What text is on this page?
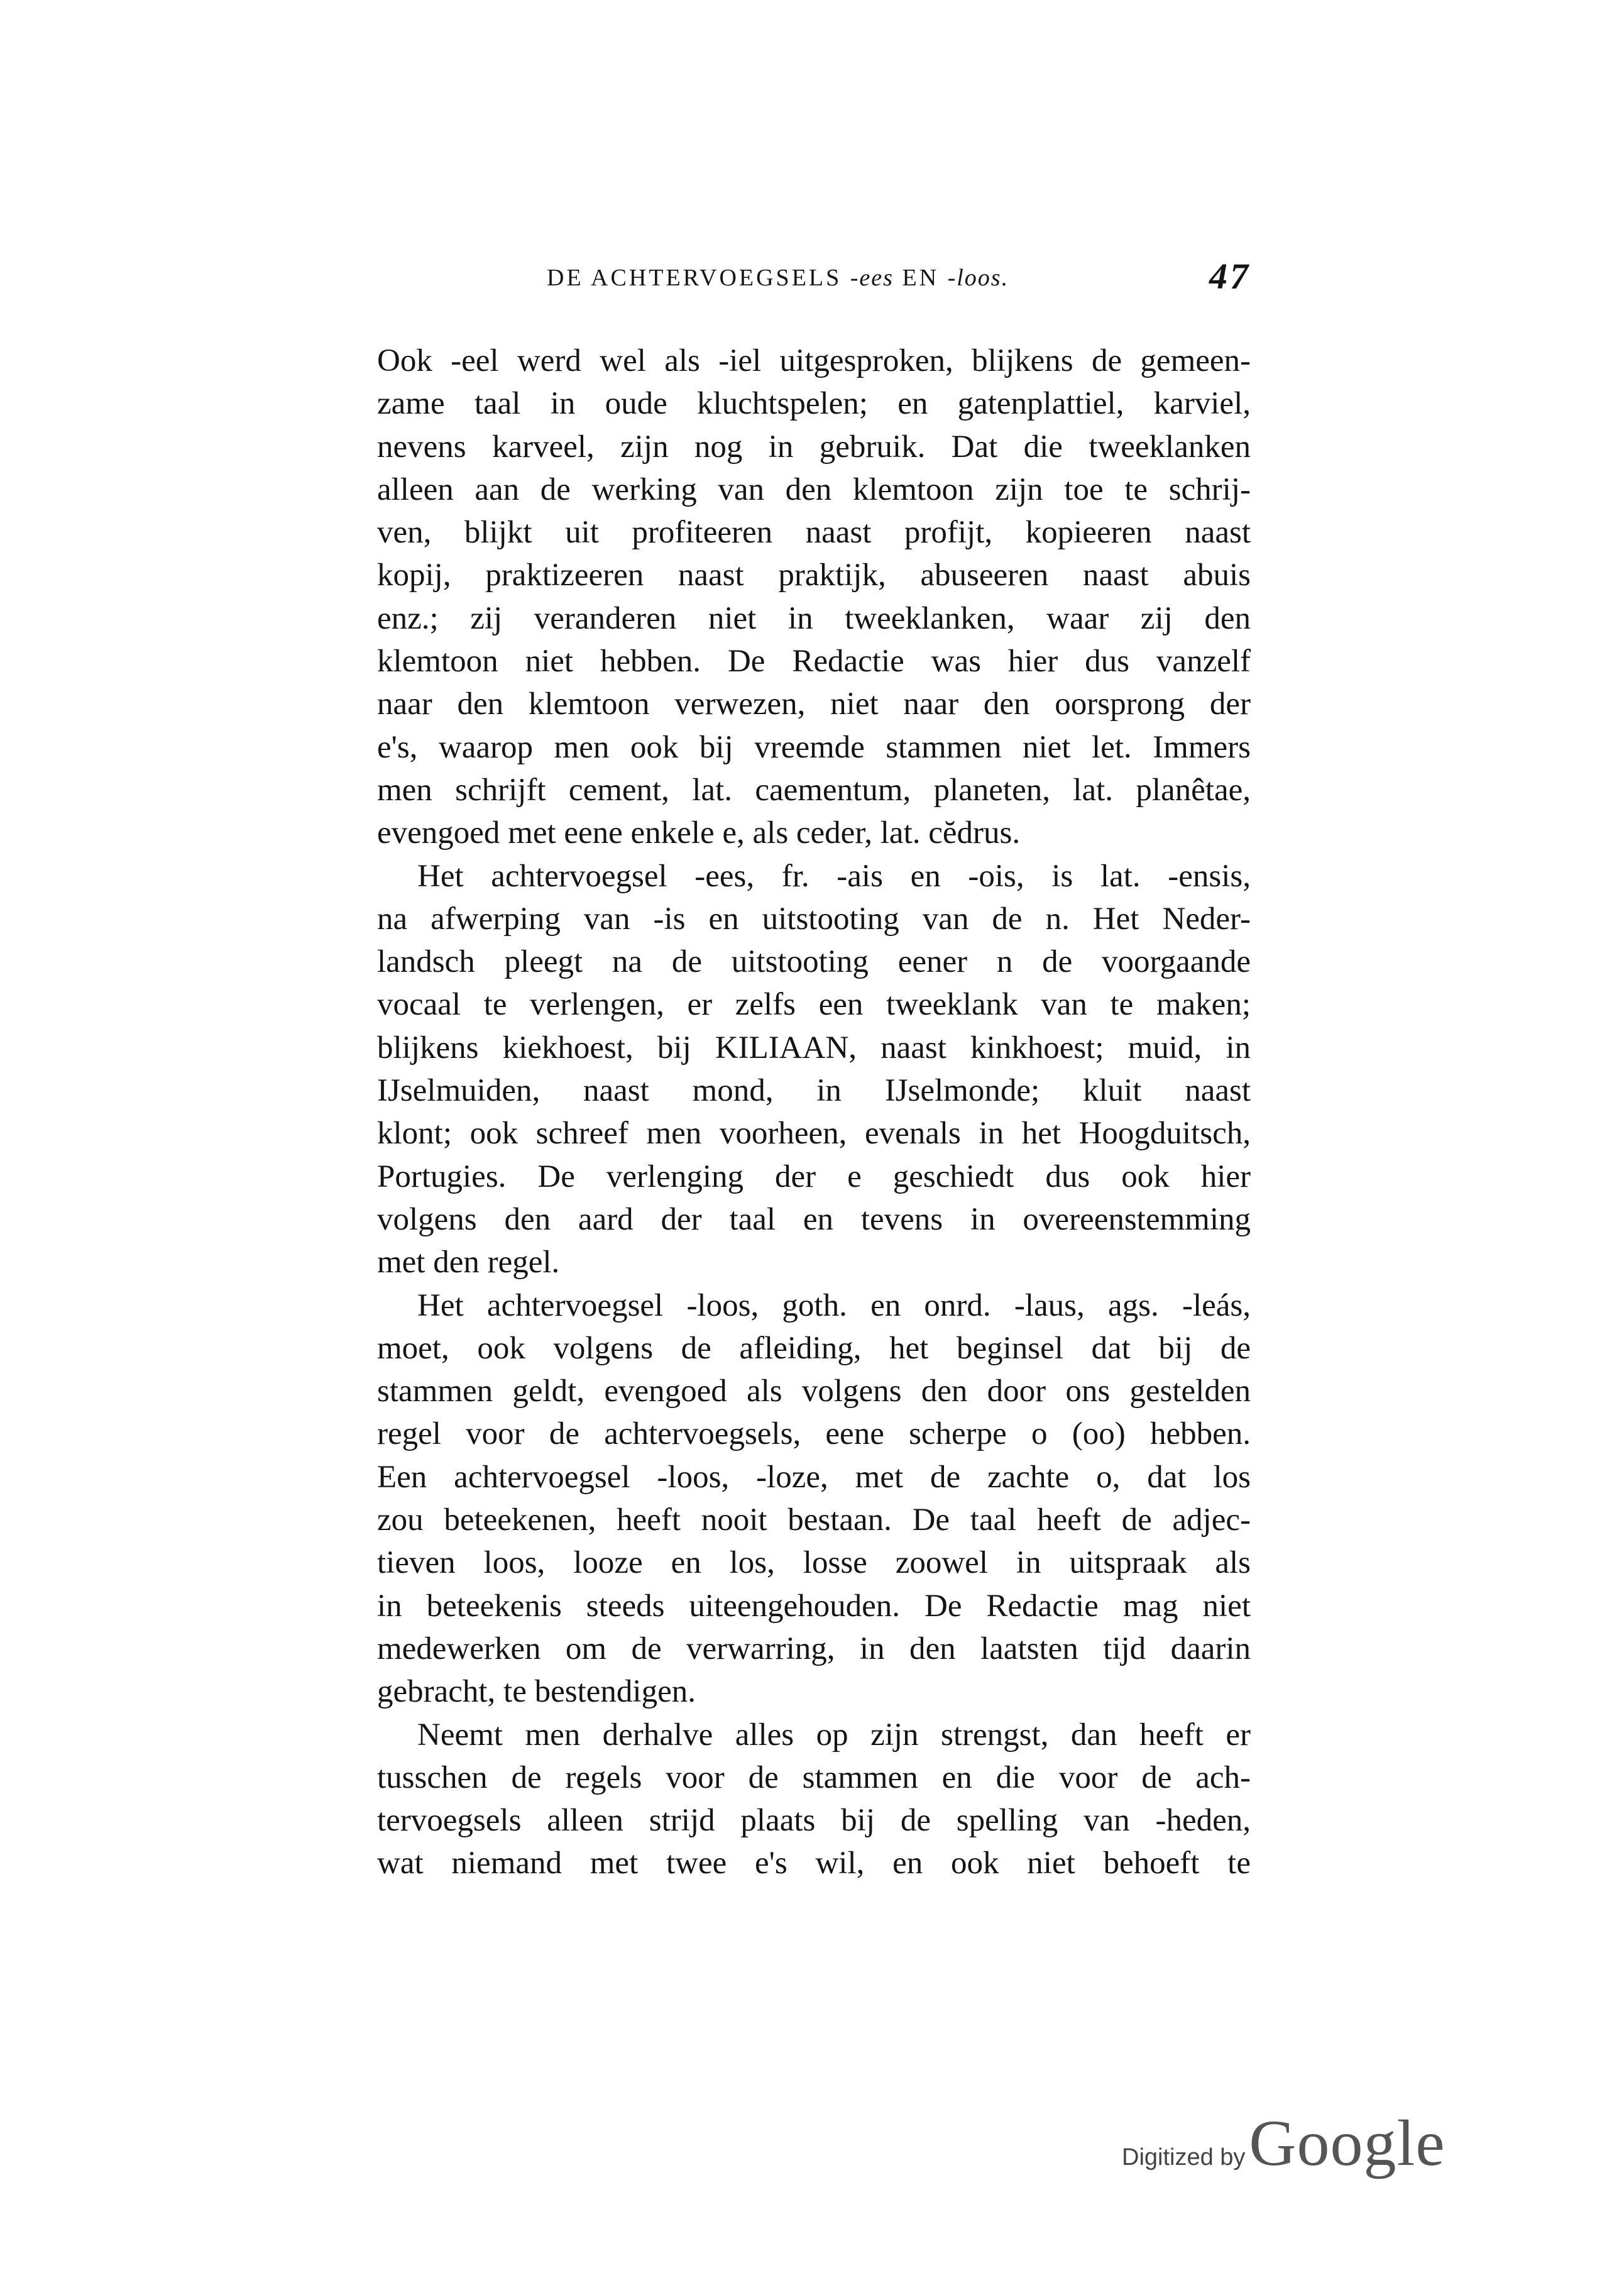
DE ACHTERVOEGSELS -ees EN -loos.	47
Ook -eel werd wel als -iel uitgesproken, blijkens de gemeen-
zame taal in oude kluchtspelen; en gatenplattiel, karviel,
nevens karveel, zijn nog in gebruik. Dat die tweeklanken
alleen aan de werking van den klemtoon zijn toe te schrij-
ven, blijkt uit profiteeren naast profijt, kopieeren naast
kopij, praktizeeren naast praktijk, abuseeren naast abuis
enz.; zij veranderen niet in tweeklanken, waar zij den
klemtoon niet hebben. De Redactie was hier dus vanzelf
naar den klemtoon verwezen, niet naar den oorsprong der
e's, waarop men ook bij vreemde stammen niet let. Immers
men schrijft cement, lat. caementum, planeten, lat. planêtae,
evengoed met eene enkele e, als ceder, lat. cĕdrus.
Het achtervoegsel -ees, fr. -ais en -ois, is lat. -ensis,
na afwerping van -is en uitstooting van de n. Het Neder-
landsch pleegt na de uitstooting eener n de voorgaande
vocaal te verlengen, er zelfs een tweeklank van te maken;
blijkens kiekhoest, bij KILIAAN, naast kinkhoest; muid, in
IJselmuiden, naast mond, in IJselmonde; kluit naast
klont; ook schreef men voorheen, evenals in het Hoogduitsch,
Portugies. De verlenging der e geschiedt dus ook hier
volgens den aard der taal en tevens in overeenstemming
met den regel.
Het achtervoegsel -loos, goth. en onrd. -laus, ags. -leás,
moet, ook volgens de afleiding, het beginsel dat bij de
stammen geldt, evengoed als volgens den door ons gestelden
regel voor de achtervoegsels, eene scherpe o (oo) hebben.
Een achtervoegsel -loos, -loze, met de zachte o, dat los
zou beteekenen, heeft nooit bestaan. De taal heeft de adjec-
tieven loos, looze en los, losse zoowel in uitspraak als
in beteekenis steeds uiteengehouden. De Redactie mag niet
medewerken om de verwarring, in den laatsten tijd daarin
gebracht, te bestendigen.
Neemt men derhalve alles op zijn strengst, dan heeft er
tusschen de regels voor de stammen en die voor de ach-
tervoegsels alleen strijd plaats bij de spelling van -heden,
wat niemand met twee e's wil, en ook niet behoeft te
Digitized by Google
